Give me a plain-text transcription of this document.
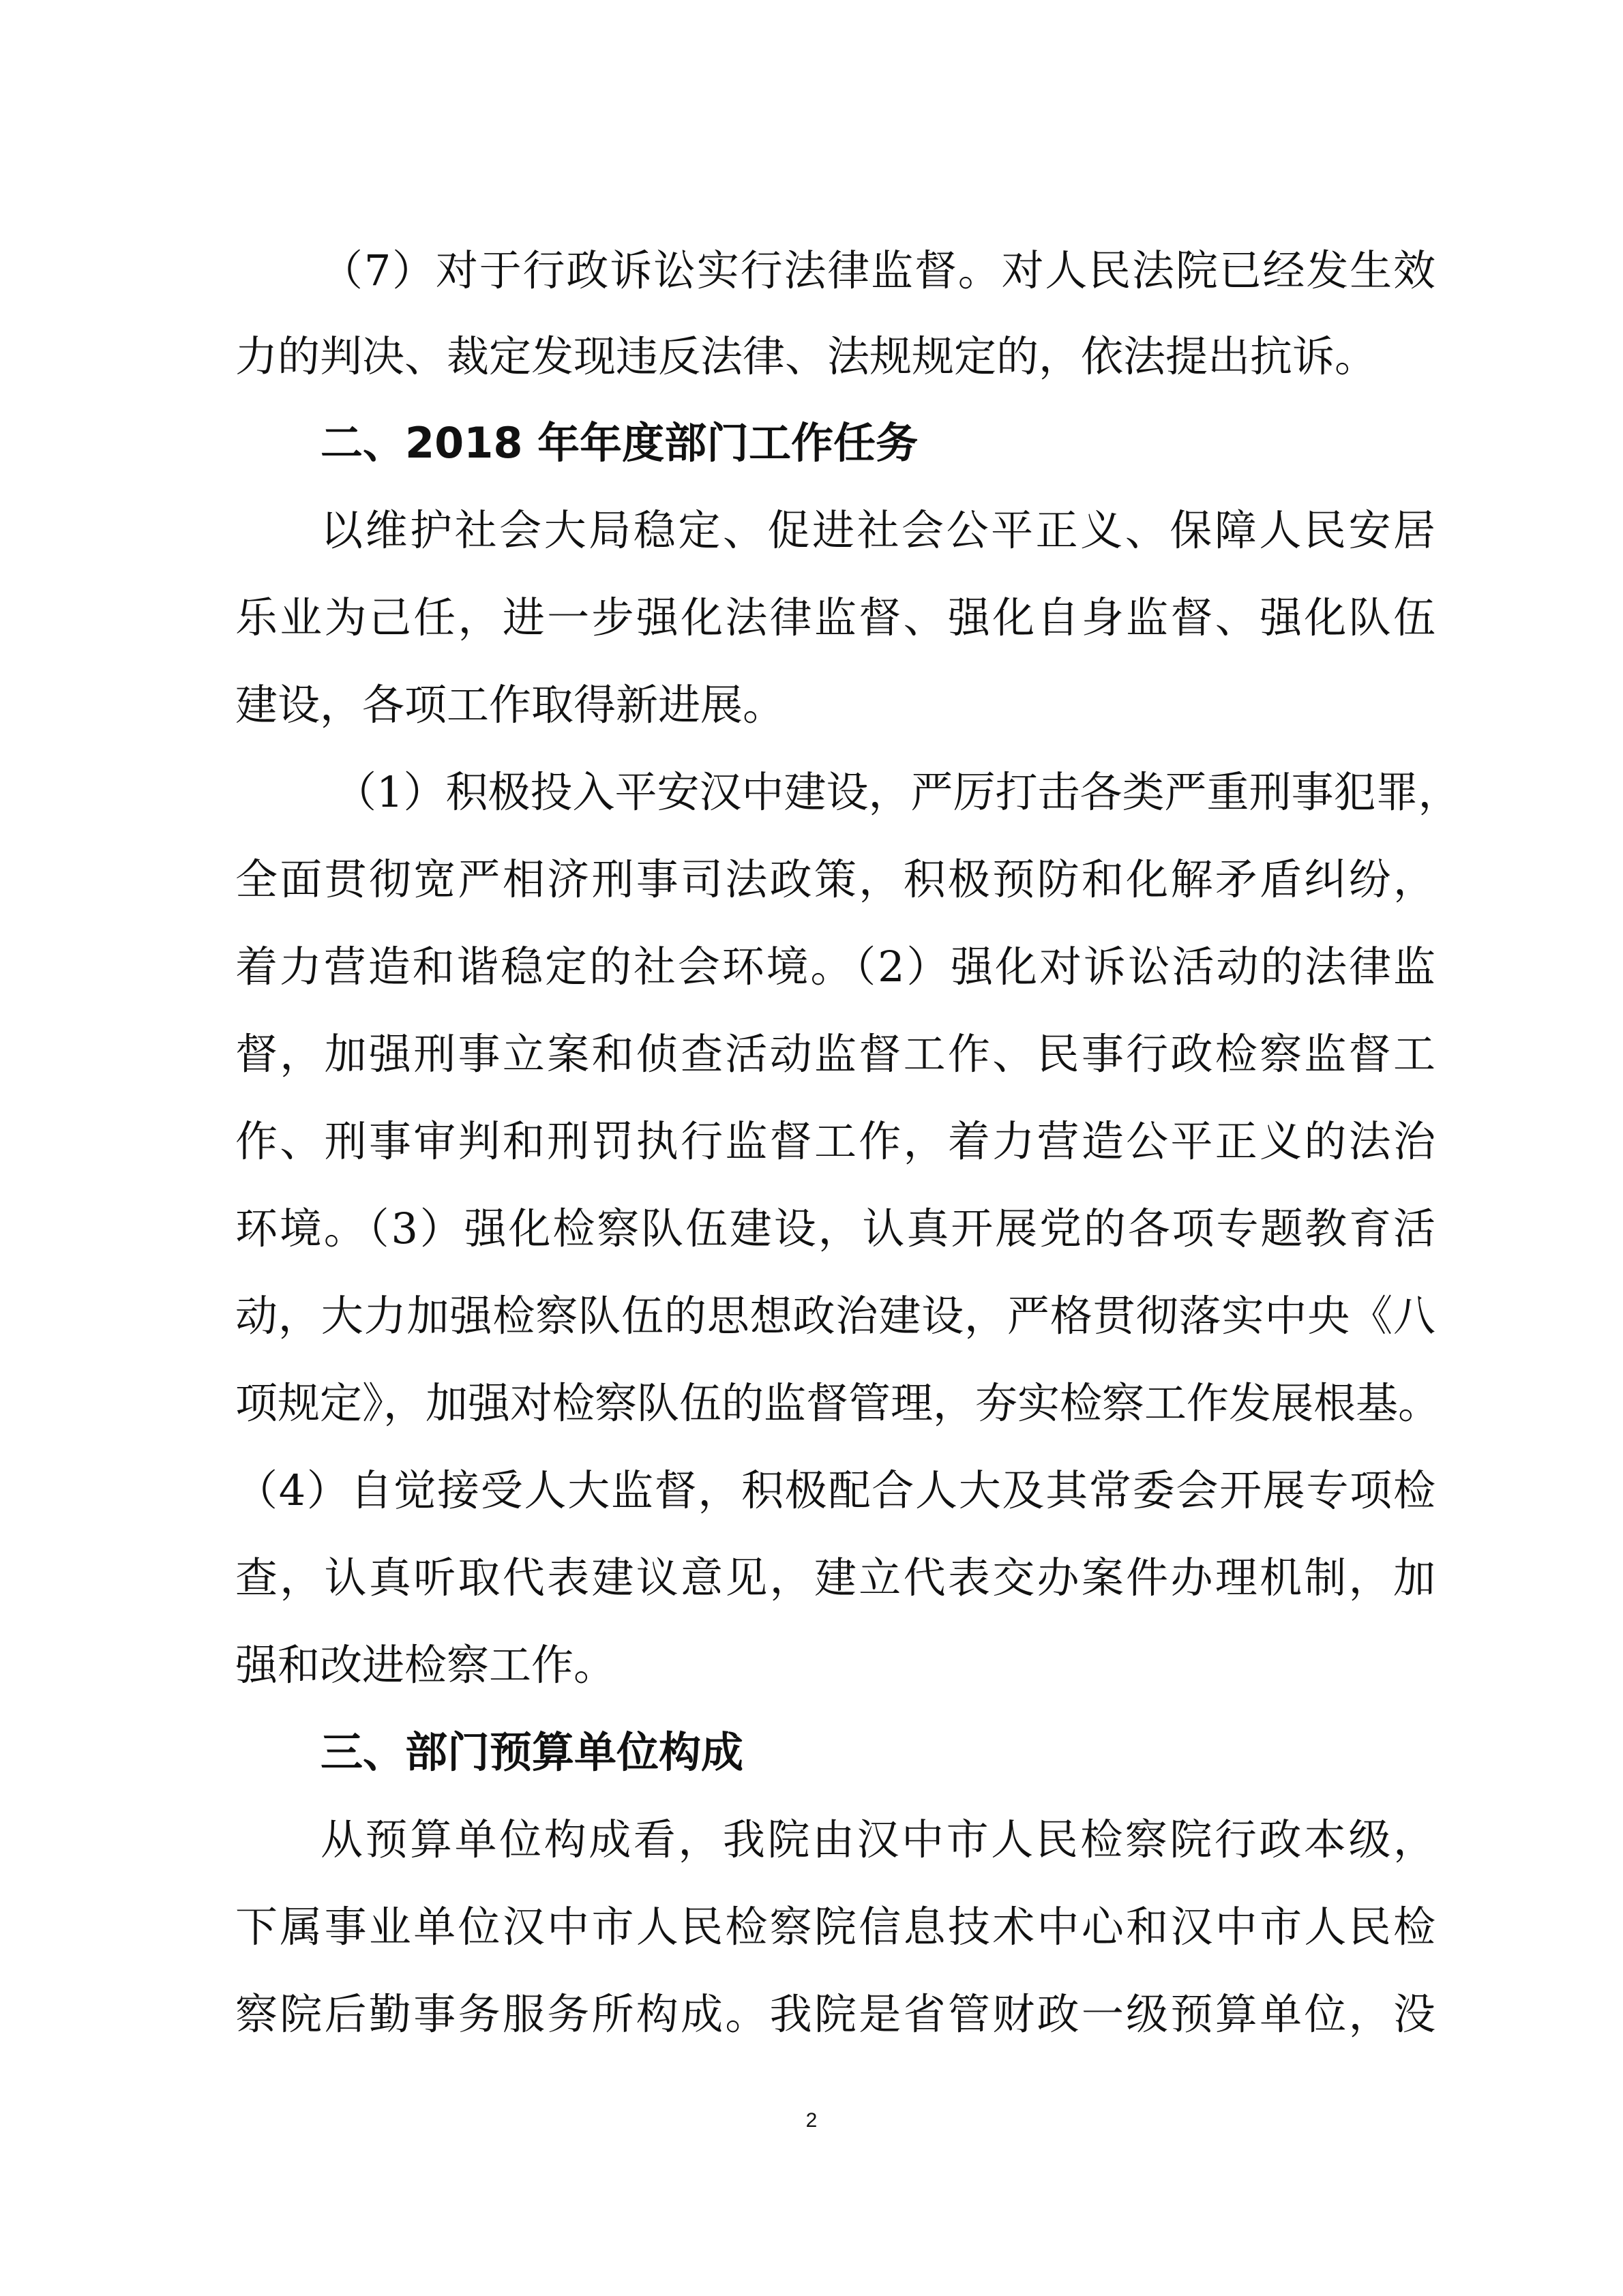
（7）对于行政诉讼实行法律监督。对人民法院已经发生效
力的判决、裁定发现违反法律、法规规定的，依法提出抗诉。
二、2018 年年度部门工作任务
以维护社会大局稳定、促进社会公平正义、保障人民安居
乐业为己任，进一步强化法律监督、强化自身监督、强化队伍
建设，各项工作取得新进展。
（1）积极投入平安汉中建设，严厉打击各类严重刑事犯罪，
全面贯彻宽严相济刑事司法政策，积极预防和化解矛盾纠纷，
着力营造和谐稳定的社会环境。（2）强化对诉讼活动的法律监
督，加强刑事立案和侦查活动监督工作、民事行政检察监督工
作、刑事审判和刑罚执行监督工作，着力营造公平正义的法治
环境。（3）强化检察队伍建设，认真开展党的各项专题教育活
动，大力加强检察队伍的思想政治建设，严格贯彻落实中央《八
项规定》，加强对检察队伍的监督管理，夯实检察工作发展根基。
（4）自觉接受人大监督，积极配合人大及其常委会开展专项检
查，认真听取代表建议意见，建立代表交办案件办理机制，加
强和改进检察工作。
三、部门预算单位构成
从预算单位构成看，我院由汉中市人民检察院行政本级，
下属事业单位汉中市人民检察院信息技术中心和汉中市人民检
察院后勤事务服务所构成。我院是省管财政一级预算单位，没
2
